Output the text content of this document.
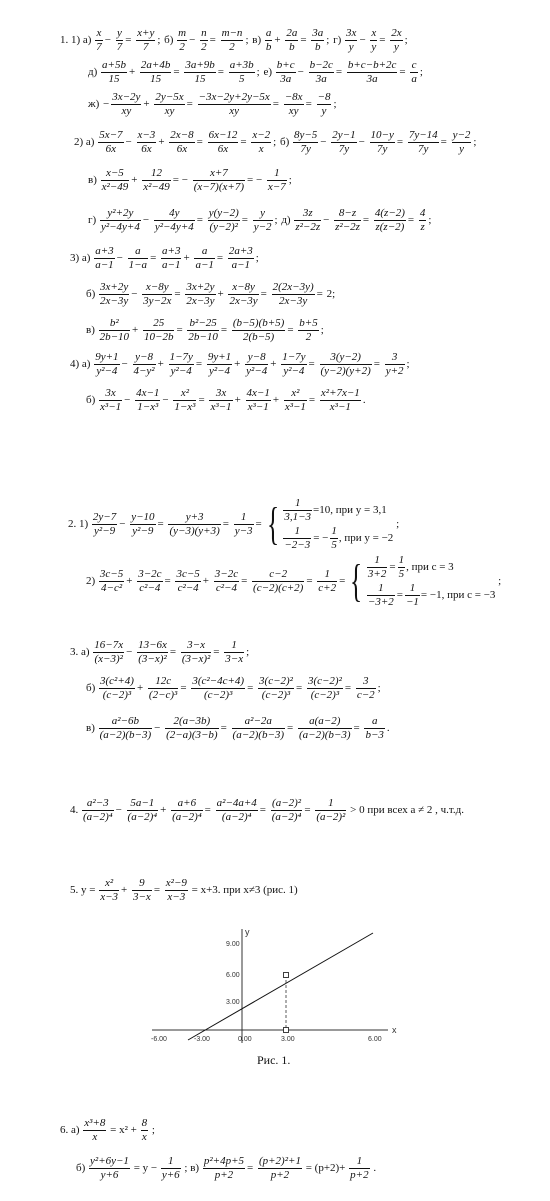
1. 1) $а) \frac{x}{7} - \frac{y}{7} = \frac{x+y}{7}$ ; $б) \frac{m}{2} - \frac{n}{2} = \frac{m-n}{2}$ ; $в) \frac{a}{b} + \frac{2a}{b} = \frac{3a}{b}$ ; $г) \frac{3x}{y} - \frac{x}{y} = \frac{2x}{y}$ ;
$д) \frac{a+5b}{15} + \frac{2a+4b}{15} = \frac{3a+9b}{15} = \frac{a+3b}{5}$ ; $е) \frac{b+c}{3a} - \frac{b-2c}{3a} = \frac{b+c-b+2c}{3a} = \frac{c}{a}$ ;
$ж) - \frac{3x-2y}{xy} + \frac{2y-5x}{xy} = \frac{-3x-2y+2y-5x}{xy} = \frac{-8x}{xy} = \frac{-8}{y}$ ;
2) $а) \frac{5x-7}{6x} - \frac{x-3}{6x} + \frac{2x-8}{6x} = \frac{6x-12}{6x} = \frac{x-2}{x}$ ; $б) \frac{8y-5}{7y} - \frac{2y-1}{7y} - \frac{10-y}{7y} = \frac{7y-14}{7y} = \frac{y-2}{y}$ ;
$в) \frac{x-5}{\text{x²−49}} + \frac{12}{\text{x²−49}}$ = − $\frac{x+7}{(x-7)(x+7)}$ = − $\frac{1}{x-7}$ ;
$г) \frac{\text{y²+2y}}{\text{y²−4y+4}} - \frac{4y}{\text{y²−4y+4}} = \frac{y(y-2)}{\text{(y−2)²}} = \frac{y}{y-2}$ ; $д) \frac{3z}{\text{z²−2z}} - \frac{8-z}{\text{z²−2z}} = \frac{4(z-2)}{z(z-2)} = \frac{4}{z}$ ;
3) $а) \frac{a+3}{a-1} - \frac{a}{1-a} = \frac{a+3}{a-1} + \frac{a}{a-1} = \frac{2a+3}{a-1}$ ;
$б) \frac{3x+2y}{2x-3y} - \frac{x-8y}{3y-2x} = \frac{3x+2y}{2x-3y} + \frac{x-8y}{2x-3y} = \frac{2(2x-3y)}{2x-3y} = 2$;
$в) \frac{\text{b²}}{2b-10} + \frac{25}{10-2b} = \frac{\text{b²−25}}{2b-10} = \frac{(b-5)(b+5)}{2(b-5)} = \frac{b+5}{2}$ ;
4) $а) \frac{9y+1}{\text{y²−4}} - \frac{y-8}{\text{4−y²}} + \frac{1-7y}{\text{y²−4}} = \frac{9y+1}{\text{y²−4}} + \frac{y-8}{\text{y²−4}} + \frac{1-7y}{\text{y²−4}} = \frac{3(y-2)}{(y-2)(y+2)} = \frac{3}{y+2}$ ;
$б) \frac{3x}{\text{x³−1}} - \frac{4x-1}{\text{1−x³}} - \frac{\text{x²}}{\text{1−x³}} = \frac{3x}{\text{x³−1}} + \frac{4x-1}{\text{x³−1}} + \frac{\text{x²}}{\text{x³−1}} = \frac{\text{x²+7x−1}}{\text{x³−1}}$ .
2. $1) \frac{2y-7}{\text{y²−9}} - \frac{y-10}{\text{y²−9}} = \frac{y+3}{(y-3)(y+3)} = \frac{1}{y-3}$ = { $\frac{1}{3,1-3} =10$, при y = 3,1
$\frac{1}{-2-3}$ = − $\frac{1}{5}$ , при y = −2
;
$2) \frac{3c-5}{\text{4−c²}} + \frac{3-2c}{\text{c²−4}} = \frac{3c-5}{\text{c²−4}} + \frac{3-2c}{\text{c²−4}} = \frac{c-2}{(c-2)(c+2)} = \frac{1}{c+2}$ = { $\frac{1}{3+2} = \frac{1}{5}$ , при c = 3
$\frac{1}{-3+2} = \frac{1}{-1} = -1$, при c = −3
;
3. $а) \frac{16-7x}{\text{(x−3)²}} - \frac{13-6x}{\text{(3−x)²}} = \frac{3-x}{\text{(3−x)²}} = \frac{1}{3-x}$ ;
$б) \frac{\text{3(c²+4)}}{\text{(c−2)³}} + \frac{12c}{\text{(2−c)³}} = \frac{\text{3(c²−4c+4)}}{\text{(c−2)³}} = \frac{\text{3(c−2)²}}{\text{(c−2)³}} = \frac{\text{3(c−2)²}}{\text{(c−2)³}} = \frac{3}{c-2}$ ;
$в) \frac{\text{a²−6b}}{(a-2)(b-3)} - \frac{2(a-3b)}{(2-a)(3-b)} = \frac{\text{a²−2a}}{(a-2)(b-3)} = \frac{a(a-2)}{(a-2)(b-3)} = \frac{a}{b-3}$ .
4. $\frac{\text{a²−3}}{\text{(a−2)⁴}} - \frac{5a-1}{\text{(a−2)⁴}} + \frac{a+6}{\text{(a−2)⁴}} = \frac{\text{a²−4a+4}}{\text{(a−2)⁴}} = \frac{\text{(a−2)²}}{\text{(a−2)⁴}} = \frac{1}{\text{(a−2)²}} > 0$ при всех a ≠ 2 , ч.т.д.
5. $y = \frac{\text{x²}}{x-3} + \frac{9}{3-x} = \frac{\text{x²−9}}{x-3} = x+3$. при x≠3 (рис. 1)
x
y
-6.00	-3.00	0.00	3.00	6.00
3.00
6.00
9.00
Рис. 1.
6. $а) \frac{\text{x³+8}}{x} = x^2 + \frac{8}{x}$ ;
$б) \frac{\text{y²+6y−1}}{y+6} = y - \frac{1}{y+6}$ ; $в) \frac{\text{p²+4p+5}}{p+2} = \frac{\text{(p+2)²+1}}{p+2} = (p+2)+ \frac{1}{p+2}$ .
